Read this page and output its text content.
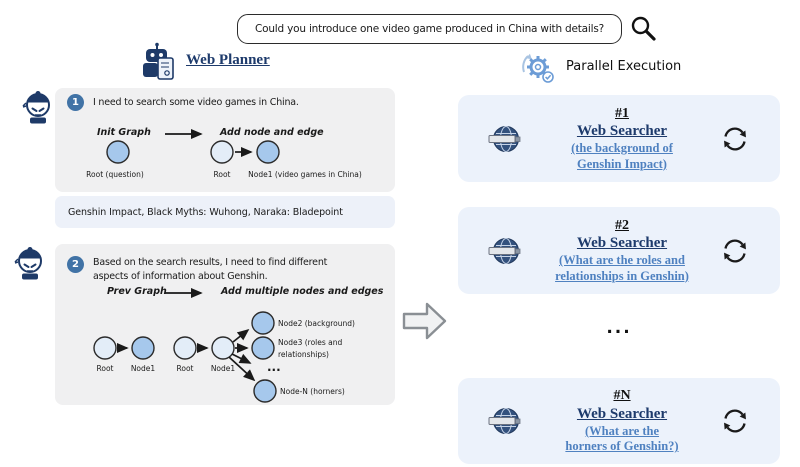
Could you introduce one video game produced in China with details?
Web Planner	Parallel Execution
1	I need to search some video games in China.
Init Graph	Add node and edge
Root (question)	Root Node1 (video games in China)
Genshin Impact, Black Myths: Wuhong, Naraka: Bladepoint
2	Based on the search results, I need to find different
aspects of information about Genshin.
Prev Graph	Add multiple nodes and edges
Root Node1	Root Node1
Node2 (background)
Node3 (roles and
relationships)
...
Node-N (horners)
#1
Web Searcher
(the background of
Genshin Impact)
#2
Web Searcher
(What are the roles and
relationships in Genshin)
...
#N
Web Searcher
(What are the
horners of Genshin?)
